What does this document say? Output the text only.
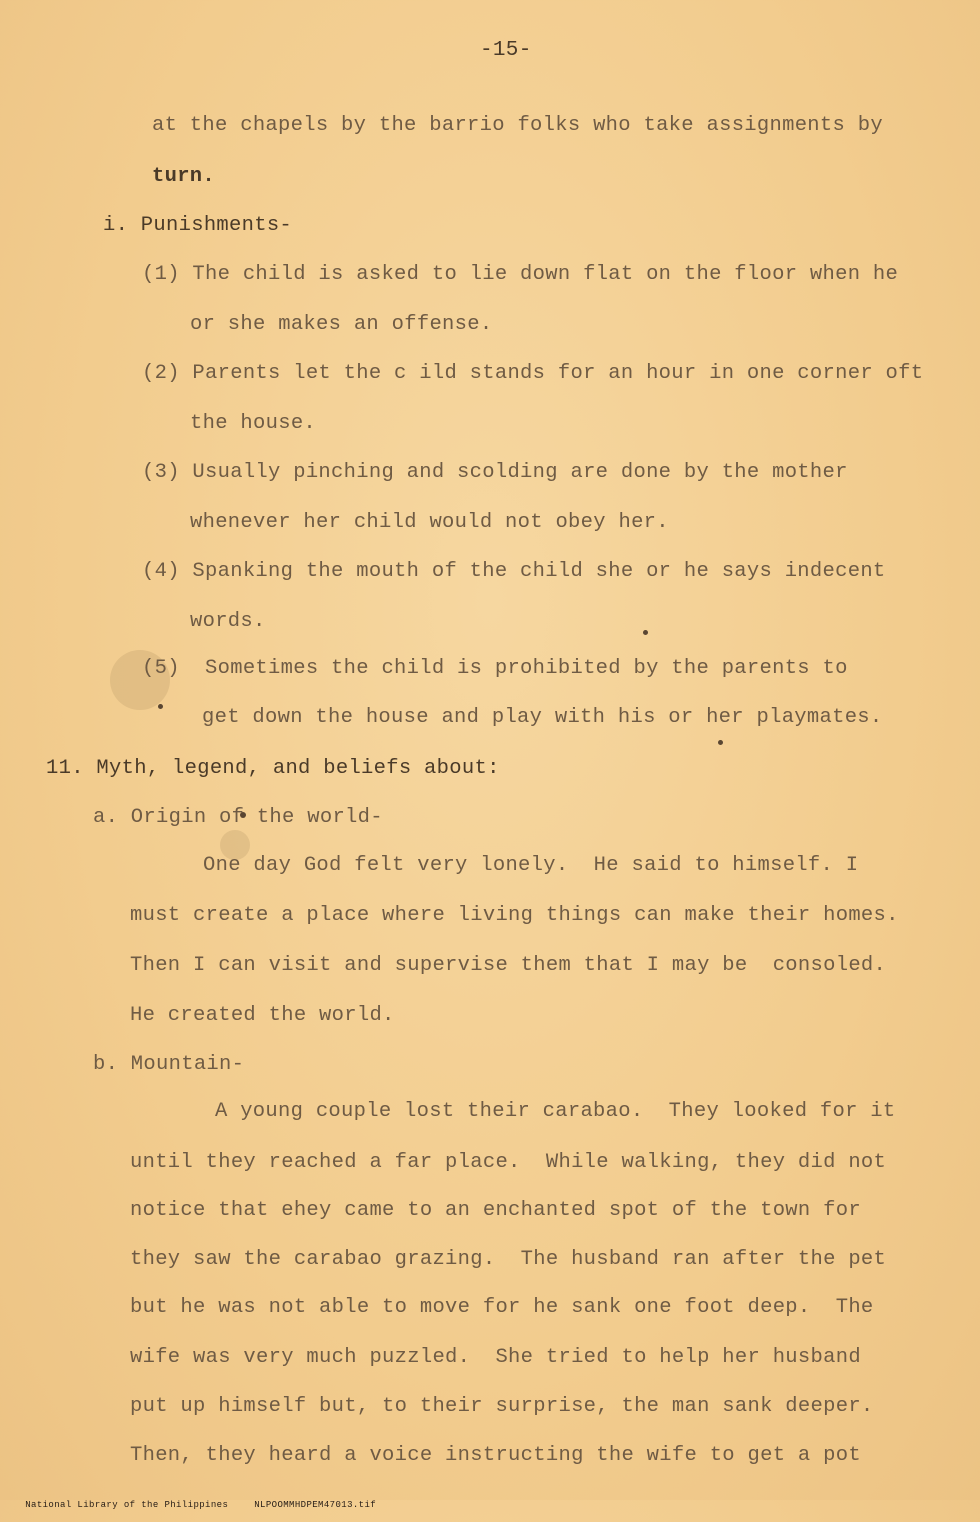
-15-
at the chapels by the barrio folks who take assignments by
turn.
i. Punishments-
(1) The child is asked to lie down flat on the floor when he
or she makes an offense.
(2) Parents let the c ild stands for an hour in one corner oft
the house.
(3) Usually pinching and scolding are done by the mother
whenever her child would not obey her.
(4) Spanking the mouth of the child she or he says indecent
words.
(5)  Sometimes the child is prohibited by the parents to
get down the house and play with his or her playmates.
11. Myth, legend, and beliefs about:
a. Origin of the world-
One day God felt very lonely.  He said to himself. I
must create a place where living things can make their homes.
Then I can visit and supervise them that I may be  consoled.
He created the world.
b. Mountain-
A young couple lost their carabao.  They looked for it
until they reached a far place.  While walking, they did not
notice that ehey came to an enchanted spot of the town for
they saw the carabao grazing.  The husband ran after the pet
but he was not able to move for he sank one foot deep.  The
wife was very much puzzled.  She tried to help her husband
put up himself but, to their surprise, the man sank deeper.
Then, they heard a voice instructing the wife to get a pot

National Library of the Philippines	NLPOOMMHDPEM47013.tif
